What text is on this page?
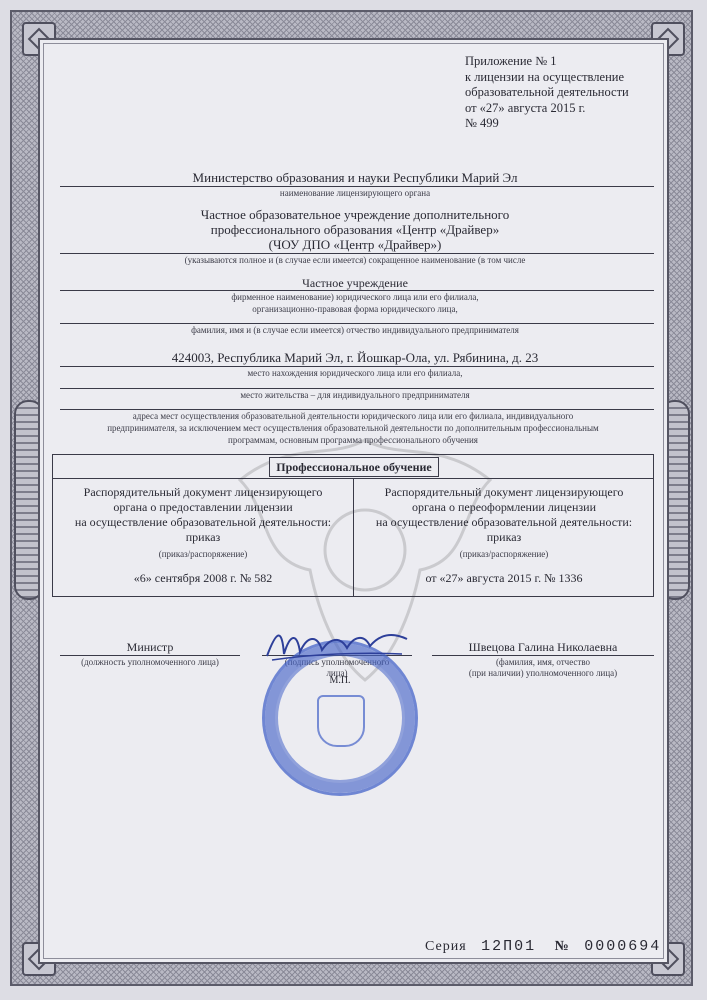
Приложение № 1
к лицензии на осуществление
образовательной деятельности
от «27» августа 2015 г.
№ 499
Министерство образования и науки Республики Марий Эл
наименование лицензирующего органа
Частное образовательное учреждение дополнительного
профессионального образования «Центр «Драйвер»
(ЧОУ ДПО «Центр «Драйвер»)
(указываются полное и (в случае если имеется) сокращенное наименование (в том числе
Частное учреждение
фирменное наименование) юридического лица или его филиала,
организационно-правовая форма юридического лица,
фамилия, имя и (в случае если имеется) отчество индивидуального предпринимателя
424003, Республика Марий Эл, г. Йошкар-Ола, ул. Рябинина, д. 23
место нахождения юридического лица или его филиала,
место жительства – для индивидуального предпринимателя
адреса мест осуществления образовательной деятельности юридического лица или его филиала, индивидуального
предпринимателя, за исключением мест осуществления образовательной деятельности по дополнительным профессиональным
программам, основным программа профессионального обучения
Профессиональное обучение
Распорядительный документ лицензирующего
органа о предоставлении лицензии
на осуществление образовательной деятельности:
приказ
(приказ/распоряжение)
«6» сентября 2008 г. № 582
Распорядительный документ лицензирующего
органа о переоформлении лицензии
на осуществление образовательной деятельности:
приказ
(приказ/распоряжение)
от «27» августа 2015 г. № 1336
Министр
(должность уполномоченного лица)	(подпись уполномоченного
лица)
Швецова Галина Николаевна
(фамилия, имя, отчество
(при наличии) уполномоченного лица)
М.П.
Серия 12П01 № 0000694
